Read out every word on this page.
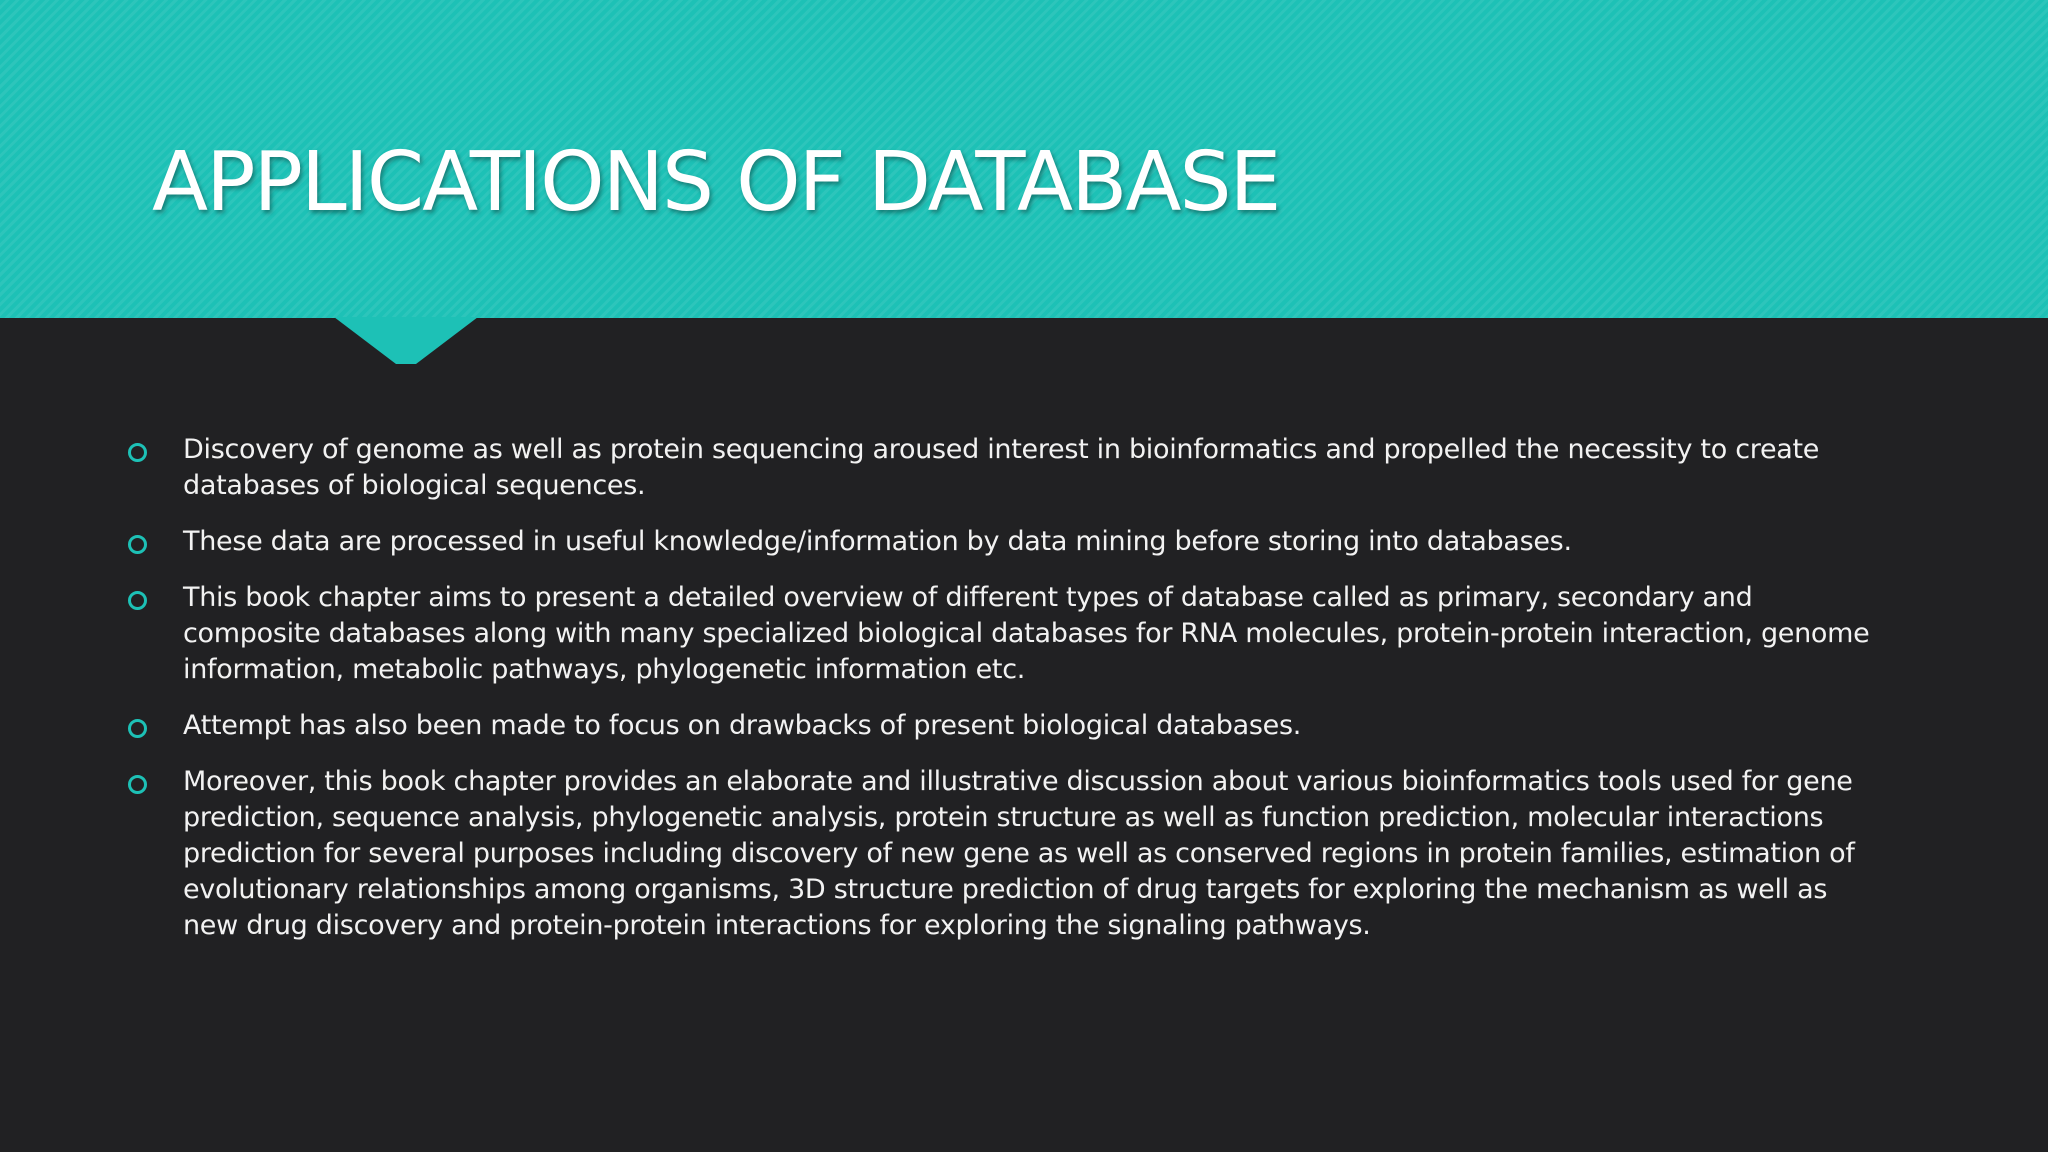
APPLICATIONS OF DATABASE
Discovery of genome as well as protein sequencing aroused interest in bioinformatics and propelled the necessity to create databases of biological sequences.
These data are processed in useful knowledge/information by data mining before storing into databases.
This book chapter aims to present a detailed overview of different types of database called as primary, secondary and composite databases along with many specialized biological databases for RNA molecules, protein-protein interaction, genome information, metabolic pathways, phylogenetic information etc.
Attempt has also been made to focus on drawbacks of present biological databases.
Moreover, this book chapter provides an elaborate and illustrative discussion about various bioinformatics tools used for gene prediction, sequence analysis, phylogenetic analysis, protein structure as well as function prediction, molecular interactions prediction for several purposes including discovery of new gene as well as conserved regions in protein families, estimation of evolutionary relationships among organisms, 3D structure prediction of drug targets for exploring the mechanism as well as new drug discovery and protein-protein interactions for exploring the signaling pathways.
